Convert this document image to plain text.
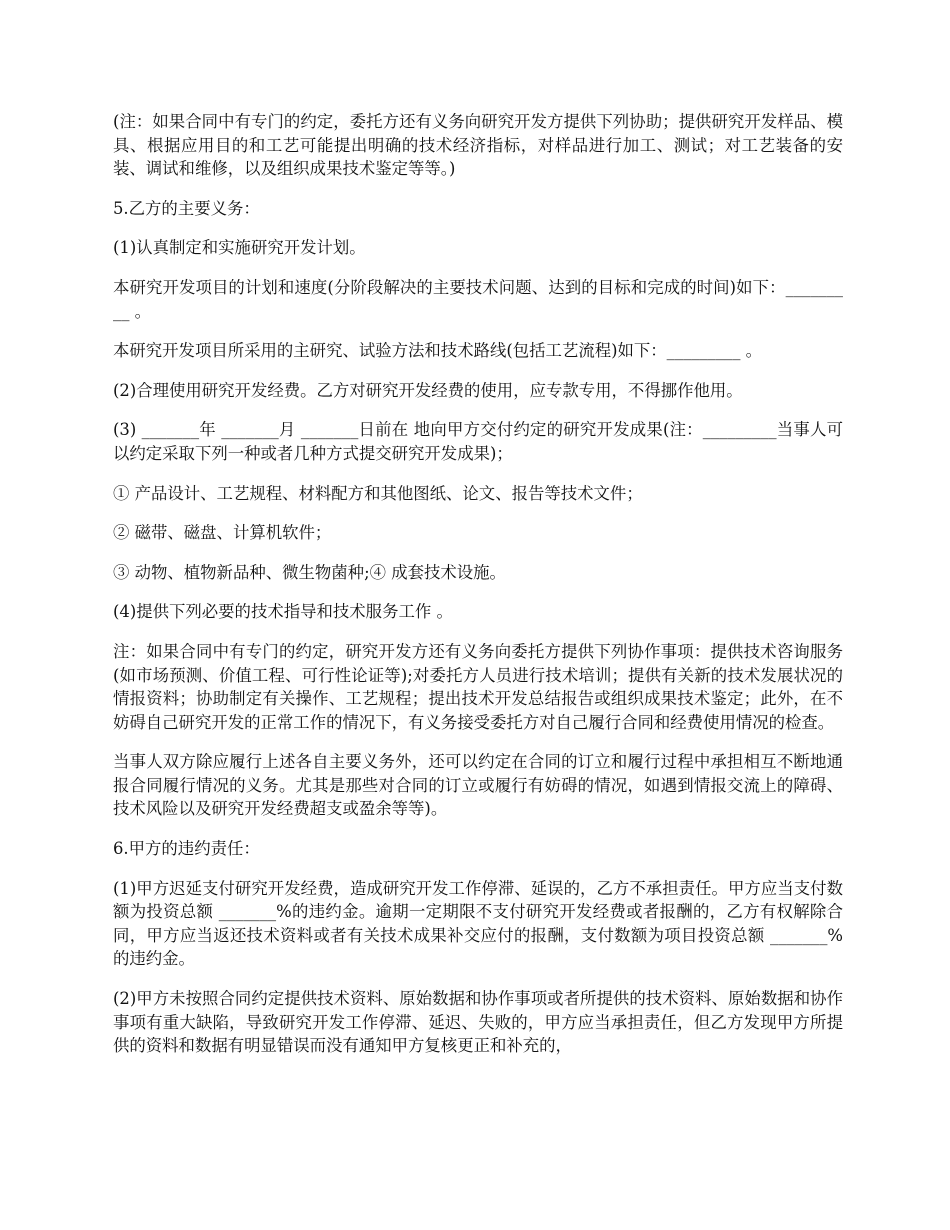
(注：如果合同中有专门的约定，委托方还有义务向研究开发方提供下列协助；提供研究开发样品、模具、根据应用目的和工艺可能提出明确的技术经济指标，对样品进行加工、测试；对工艺装备的安装、调试和维修，以及组织成果技术鉴定等等。)

5.乙方的主要义务：

(1)认真制定和实施研究开发计划。

本研究开发项目的计划和速度(分阶段解决的主要技术问题、达到的目标和完成的时间)如下：_________ 。

本研究开发项目所采用的主研究、试验方法和技术路线(包括工艺流程)如下：_________ 。

(2)合理使用研究开发经费。乙方对研究开发经费的使用，应专款专用，不得挪作他用。

(3) _______年 _______月 _______日前在 地向甲方交付约定的研究开发成果(注：_________当事人可以约定采取下列一种或者几种方式提交研究开发成果)；

① 产品设计、工艺规程、材料配方和其他图纸、论文、报告等技术文件；

② 磁带、磁盘、计算机软件；

③ 动物、植物新品种、微生物菌种;④ 成套技术设施。

(4)提供下列必要的技术指导和技术服务工作 。

注：如果合同中有专门的约定，研究开发方还有义务向委托方提供下列协作事项：提供技术咨询服务(如市场预测、价值工程、可行性论证等);对委托方人员进行技术培训；提供有关新的技术发展状况的情报资料；协助制定有关操作、工艺规程；提出技术开发总结报告或组织成果技术鉴定；此外，在不妨碍自己研究开发的正常工作的情况下，有义务接受委托方对自己履行合同和经费使用情况的检查。

当事人双方除应履行上述各自主要义务外，还可以约定在合同的订立和履行过程中承担相互不断地通报合同履行情况的义务。尤其是那些对合同的订立或履行有妨碍的情况，如遇到情报交流上的障碍、技术风险以及研究开发经费超支或盈余等等)。

6.甲方的违约责任：

(1)甲方迟延支付研究开发经费，造成研究开发工作停滞、延误的，乙方不承担责任。甲方应当支付数额为投资总额 _______%的违约金。逾期一定期限不支付研究开发经费或者报酬的，乙方有权解除合同，甲方应当返还技术资料或者有关技术成果补交应付的报酬，支付数额为项目投资总额 _______%的违约金。

(2)甲方未按照合同约定提供技术资料、原始数据和协作事项或者所提供的技术资料、原始数据和协作事项有重大缺陷，导致研究开发工作停滞、延迟、失败的，甲方应当承担责任，但乙方发现甲方所提供的资料和数据有明显错误而没有通知甲方复核更正和补充的，
